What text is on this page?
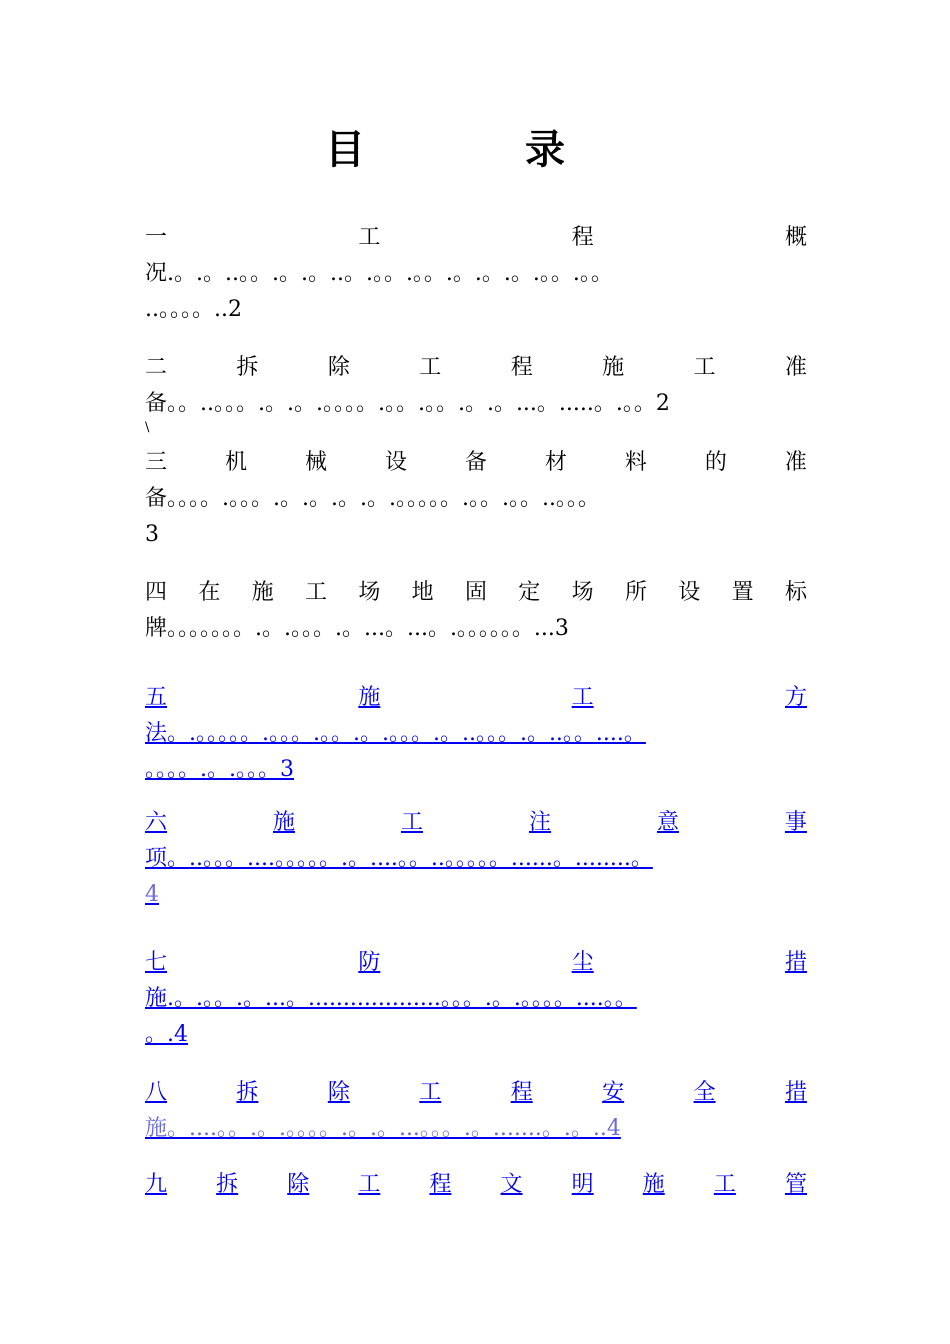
目　录
一	工	程	概
况.。.。..。。.。.。..。.。。.。。.。.。.。.。。.。。
..。。。。..2
二	拆	除	工	程	施	工	准
备。。..。。。.。.。.。。。。.。。.。。.。.。...。.....。.。。2
三	机	械	设	备	材	料	的	准
备。。。。.。。。.。.。.。.。.。。。。。.。。.。。..。。。
3
四 在 施 工 场 地 固 定 场 所 设 置 标
牌。。。。。。。.。.。。。.。...。...。.。。。。。。...3
五	施	工	方
法。.。。。。。.。。。.。。.。.。。。.。..。。。.。..。。....。
。。。。.。.。。。3
六	施	工	注	意	事
项。..。。。....。。。。。.。....。。..。。。。。......。........。
4
七	防	尘	措
施.。.。。.。...。...................。。。.。.。。。。....。。
。.4
八	拆	除	工	程	安	全	措
施。....。。.。.。。。。.。.。...。。。.。.......。.。..4
九 拆 除 工 程 文 明 施 工 管
\
